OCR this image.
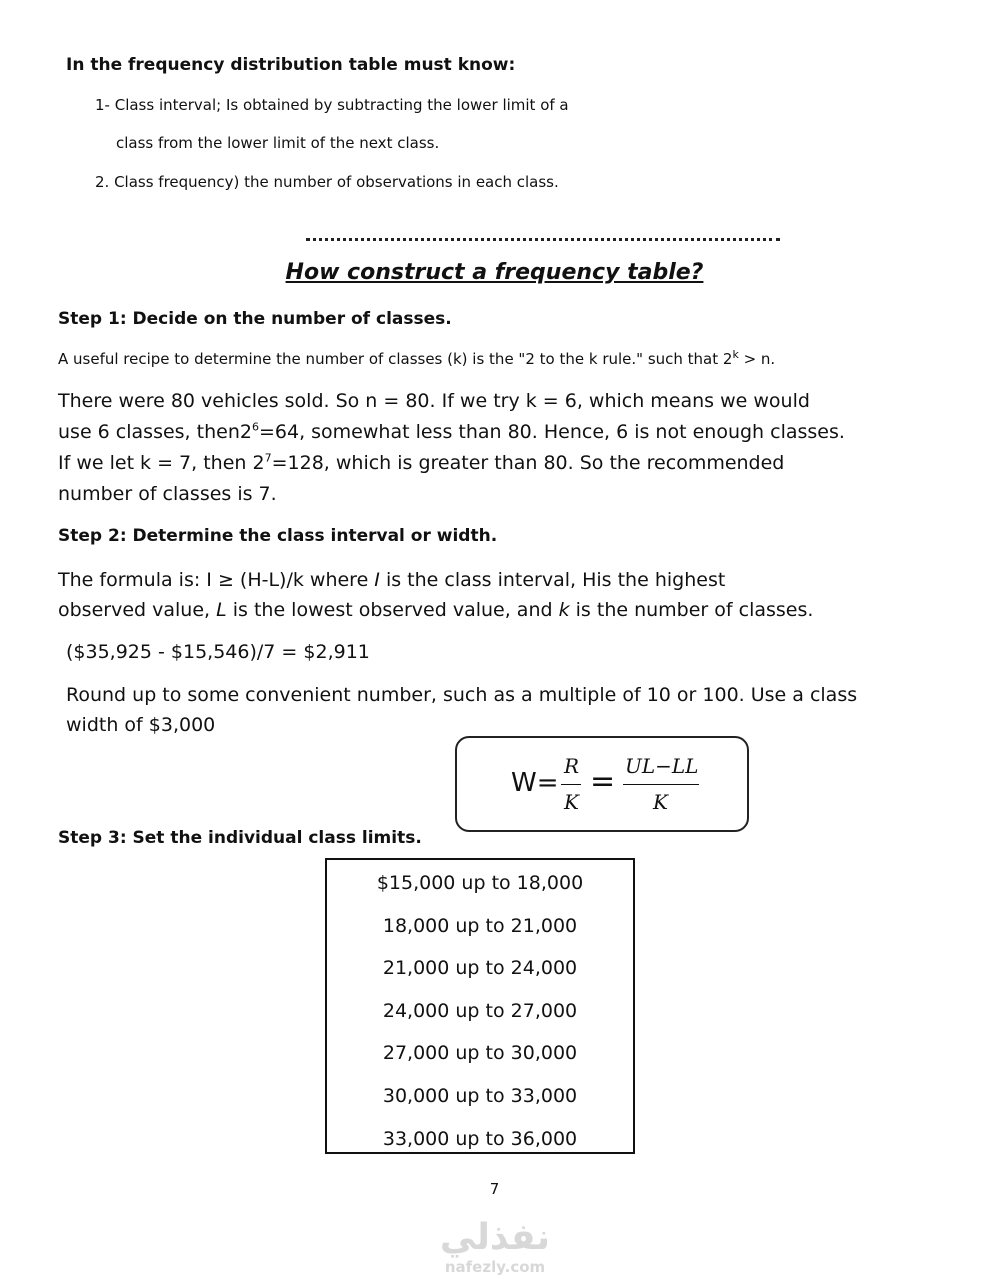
In the frequency distribution table must know:
1- Class interval; Is obtained by subtracting the lower limit of a
class from the lower limit of the next class.
2. Class frequency) the number of observations in each class.
How construct a frequency table?
Step 1: Decide on the number of classes.
A useful recipe to determine the number of classes (k) is the "2 to the k rule." such that $2^k > n$.
There were 80 vehicles sold. So n = 80. If we try k = 6, which means we would use 6 classes, $then2^6=64$, somewhat less than 80. Hence, 6 is not enough classes. If we let k = 7, then $2^7=128$, which is greater than 80. So the recommended number of classes is 7.
Step 2: Determine the class interval or width.
The formula is: I ≥ (H-L)/k where I is the class interval, His the highest observed value, L is the lowest observed value, and k is the number of classes.
($35,925 - $15,546)/7 = $2,911
Round up to some convenient number, such as a multiple of 10 or 100. Use a class
width of $3,000
W=
R
K
= UL−LL
K
Step 3: Set the individual class limits.
$15,000 up to 18,000
18,000 up to 21,000
21,000 up to 24,000
24,000 up to 27,000
27,000 up to 30,000
30,000 up to 33,000
33,000 up to 36,000
7
نفذلي
nafezly.com
